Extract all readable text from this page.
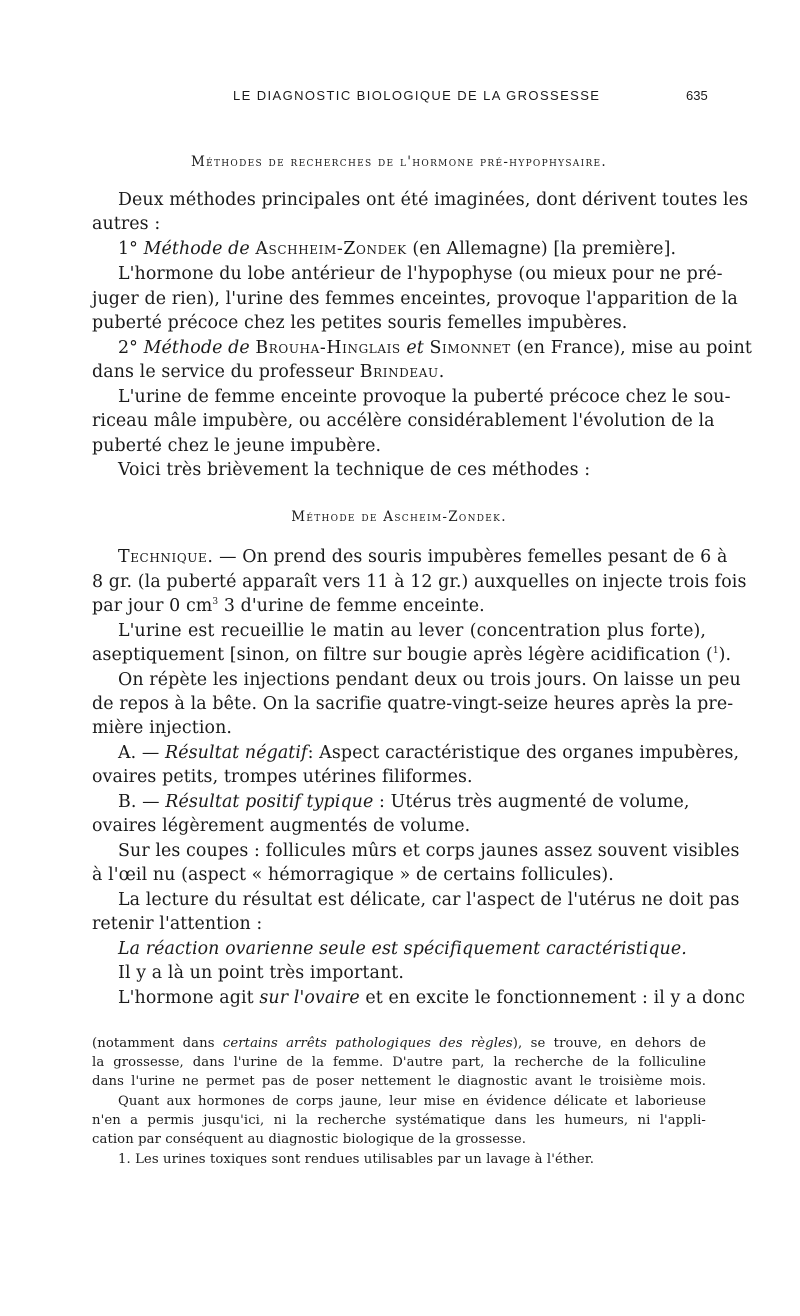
LE DIAGNOSTIC BIOLOGIQUE DE LA GROSSESSE	635
Méthodes de recherches de l'hormone pré-hypophysaire.
Deux méthodes principales ont été imaginées, dont dérivent toutes les
autres :
1° Méthode de Aschheim-Zondek (en Allemagne) [la première].
L'hormone du lobe antérieur de l'hypophyse (ou mieux pour ne pré-
juger de rien), l'urine des femmes enceintes, provoque l'apparition de la
puberté précoce chez les petites souris femelles impubères.
2° Méthode de Brouha-Hinglais et Simonnet (en France), mise au point
dans le service du professeur Brindeau.
L'urine de femme enceinte provoque la puberté précoce chez le sou-
riceau mâle impubère, ou accélère considérablement l'évolution de la
puberté chez le jeune impubère.
Voici très brièvement la technique de ces méthodes :
Méthode de Ascheim-Zondek.
Technique. — On prend des souris impubères femelles pesant de 6 à
8 gr. (la puberté apparaît vers 11 à 12 gr.) auxquelles on injecte trois fois
par jour 0 $cm^3$ 3 d'urine de femme enceinte.
L'urine est recueillie le matin au lever (concentration plus forte),
aseptiquement [sinon, on filtre sur bougie après légère acidification ($^1$).
On répète les injections pendant deux ou trois jours. On laisse un peu
de repos à la bête. On la sacrifie quatre-vingt-seize heures après la pre-
mière injection.
A. — Résultat négatif: Aspect caractéristique des organes impubères,
ovaires petits, trompes utérines filiformes.
B. — Résultat positif typique : Utérus très augmenté de volume,
ovaires légèrement augmentés de volume.
Sur les coupes : follicules mûrs et corps jaunes assez souvent visibles
à l'œil nu (aspect « hémorragique » de certains follicules).
La lecture du résultat est délicate, car l'aspect de l'utérus ne doit pas
retenir l'attention :
La réaction ovarienne seule est spécifiquement caractéristique.
Il y a là un point très important.
L'hormone agit sur l'ovaire et en excite le fonctionnement : il y a donc
(notamment dans certains arrêts pathologiques des règles), se trouve, en dehors de
la grossesse, dans l'urine de la femme. D'autre part, la recherche de la folliculine
dans l'urine ne permet pas de poser nettement le diagnostic avant le troisième mois.
Quant aux hormones de corps jaune, leur mise en évidence délicate et laborieuse
n'en a permis jusqu'ici, ni la recherche systématique dans les humeurs, ni l'appli-
cation par conséquent au diagnostic biologique de la grossesse.
1. Les urines toxiques sont rendues utilisables par un lavage à l'éther.
